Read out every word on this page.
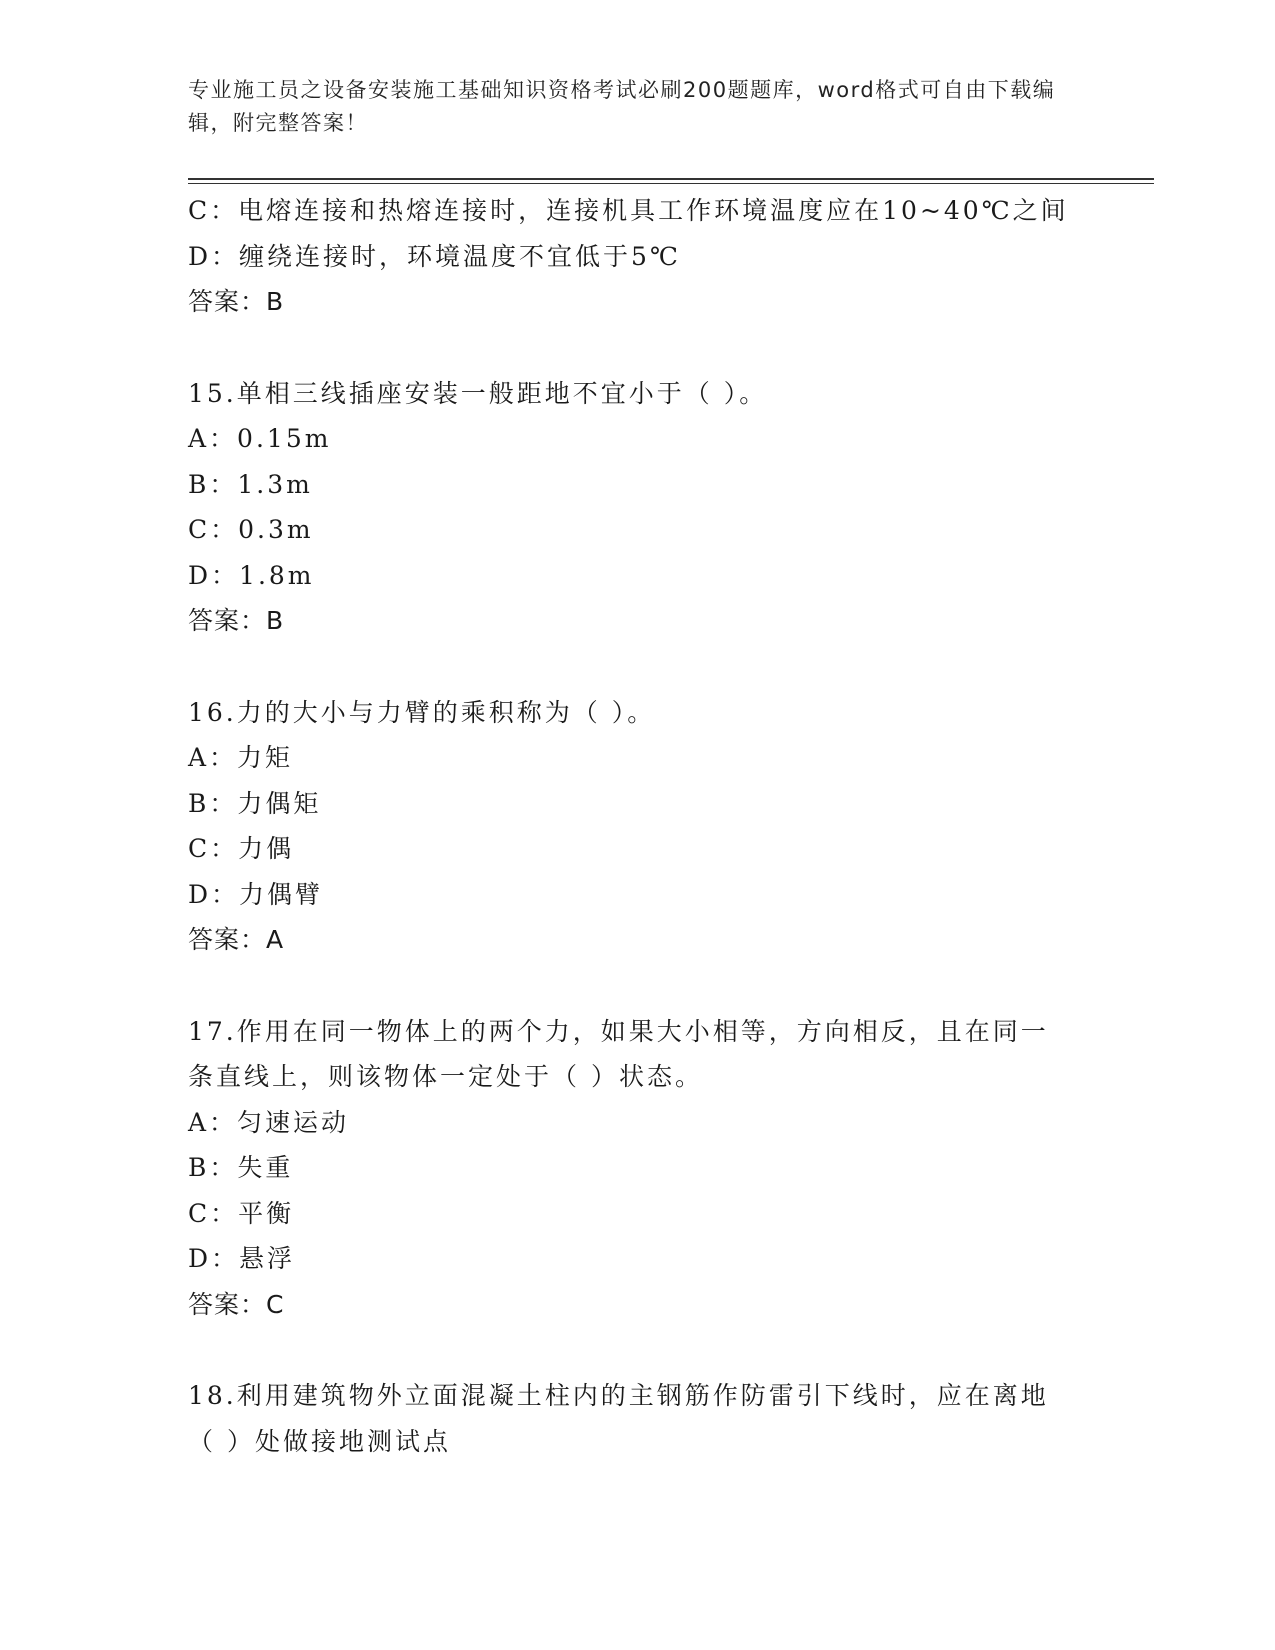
专业施工员之设备安装施工基础知识资格考试必刷200题题库，word格式可自由下载编辑，附完整答案！
C：电熔连接和热熔连接时，连接机具工作环境温度应在10~40℃之间
D：缠绕连接时，环境温度不宜低于5℃
答案：B
15.单相三线插座安装一般距地不宜小于（ ）。
A：0.15m
B：1.3m
C：0.3m
D：1.8m
答案：B
16.力的大小与力臂的乘积称为（ ）。
A：力矩
B：力偶矩
C：力偶
D：力偶臂
答案：A
17.作用在同一物体上的两个力，如果大小相等，方向相反，且在同一
条直线上，则该物体一定处于（ ）状态。
A：匀速运动
B：失重
C：平衡
D：悬浮
答案：C
18.利用建筑物外立面混凝土柱内的主钢筋作防雷引下线时，应在离地
（ ）处做接地测试点
